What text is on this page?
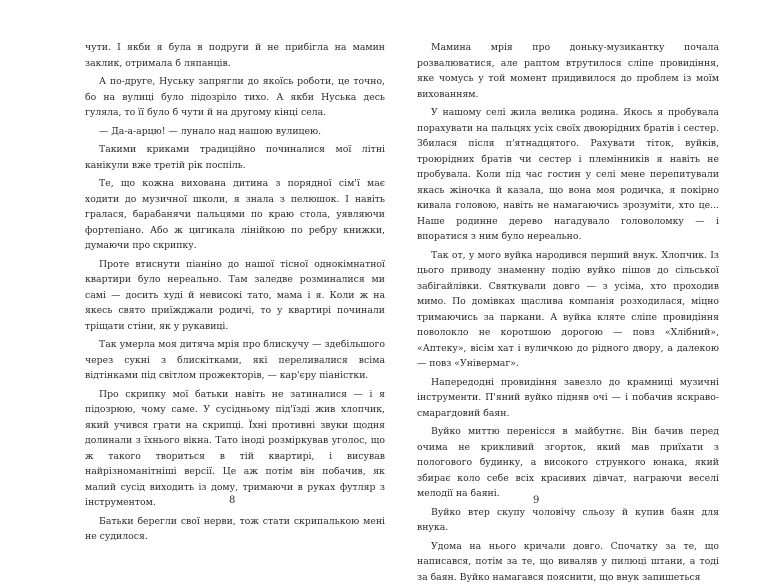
чути. І якби я була в подруги й не прибігла на мамин заклик, отримала б ляпанців.

А по-друге, Нуську запрягли до якоїсь роботи, це точно, бо на вулиці було підозріло тихо. А якби Нуська десь гуляла, то її було б чути й на другому кінці села.

— Да-а-арцю! — лунало над нашою вулицею.

Такими криками традиційно починалися мої літні канікули вже третій рік поспіль.

Те, що кожна вихована дитина з порядної сім'ї має ходити до музичної школи, я знала з пелюшок. І навіть гралася, барабанячи пальцями по краю стола, уявляючи фортепіано. Або ж цигикала лінійкою по ребру книжки, думаючи про скрипку.

Проте втиснути піаніно до нашої тісної однокімнатної квартири було нереально. Там заледве розминалися ми самі — досить худі й невисокі тато, мама і я. Коли ж на якесь свято приїжджали родичі, то у квартирі починали тріщати стіни, як у рукавиці.

Так умерла моя дитяча мрія про блискучу — здебільшого через сукні з блискітками, які переливалися всіма відтінками під світлом прожекторів, — кар'єру піаністки.

Про скрипку мої батьки навіть не затиналися — і я підозрюю, чому саме. У сусідньому під'їзді жив хлопчик, який учився грати на скрипці. Їхні противні звуки щодня долинали з їхнього вікна. Тато іноді розміркував уголос, що ж такого твориться в тій квартирі, і висував найрізноманітніші версії. Це аж потім він побачив, як малий сусід виходить із дому, тримаючи в руках футляр з інструментом.

Батьки берегли свої нерви, тож стати скрипалькою мені не судилося.

Мамина мрія про доньку-музикантку почала розвалюватися, але раптом втрутилося сліпе провидіння, яке чомусь у той момент придивилося до проблем із моїм вихованням.

У нашому селі жила велика родина. Якось я пробувала порахувати на пальцях усіх своїх двоюрідних братів і сестер. Збилася після п'ятнадцятого. Рахувати тіток, вуйків, троюрідних братів чи сестер і племінників я навіть не пробувала. Коли під час гостин у селі мене перепитували якась жіночка й казала, що вона моя родичка, я покірно кивала головою, навіть не намагаючись зрозуміти, хто це... Наше родинне дерево нагадувало головоломку — і впоратися з ним було нереально.

Так от, у мого вуйка народився перший внук. Хлопчик. Із цього приводу знаменну подію вуйко пішов до сільської забігайлівки. Святкували довго — з усіма, хто проходив мимо. По домівках щаслива компанія розходилася, міцно тримаючись за паркани. А вуйка кляте сліпе провидіння поволокло не коротшою дорогою — повз «Хлібний», «Аптеку», вісім хат і вуличкою до рідного двору, а далекою — повз «Універмаг».

Напередодні провидіння завезло до крамниці музичні інструменти. П'яний вуйко підняв очі — і побачив яскраво-смарагдовий баян.

Вуйко миттю перенісся в майбутнє. Він бачив перед очима не крикливий згорток, який мав приїхати з пологового будинку, а високого стрункого юнака, який збирає коло себе всіх красивих дівчат, награючи веселі мелодії на баяні.

Вуйко втер скупу чоловічу сльозу й купив баян для внука.

Удома на нього кричали довго. Спочатку за те, що написався, потім за те, що виваляв у пилюці штани, а тоді за баян. Вуйко намагався пояснити, що внук запишеться

8	9
